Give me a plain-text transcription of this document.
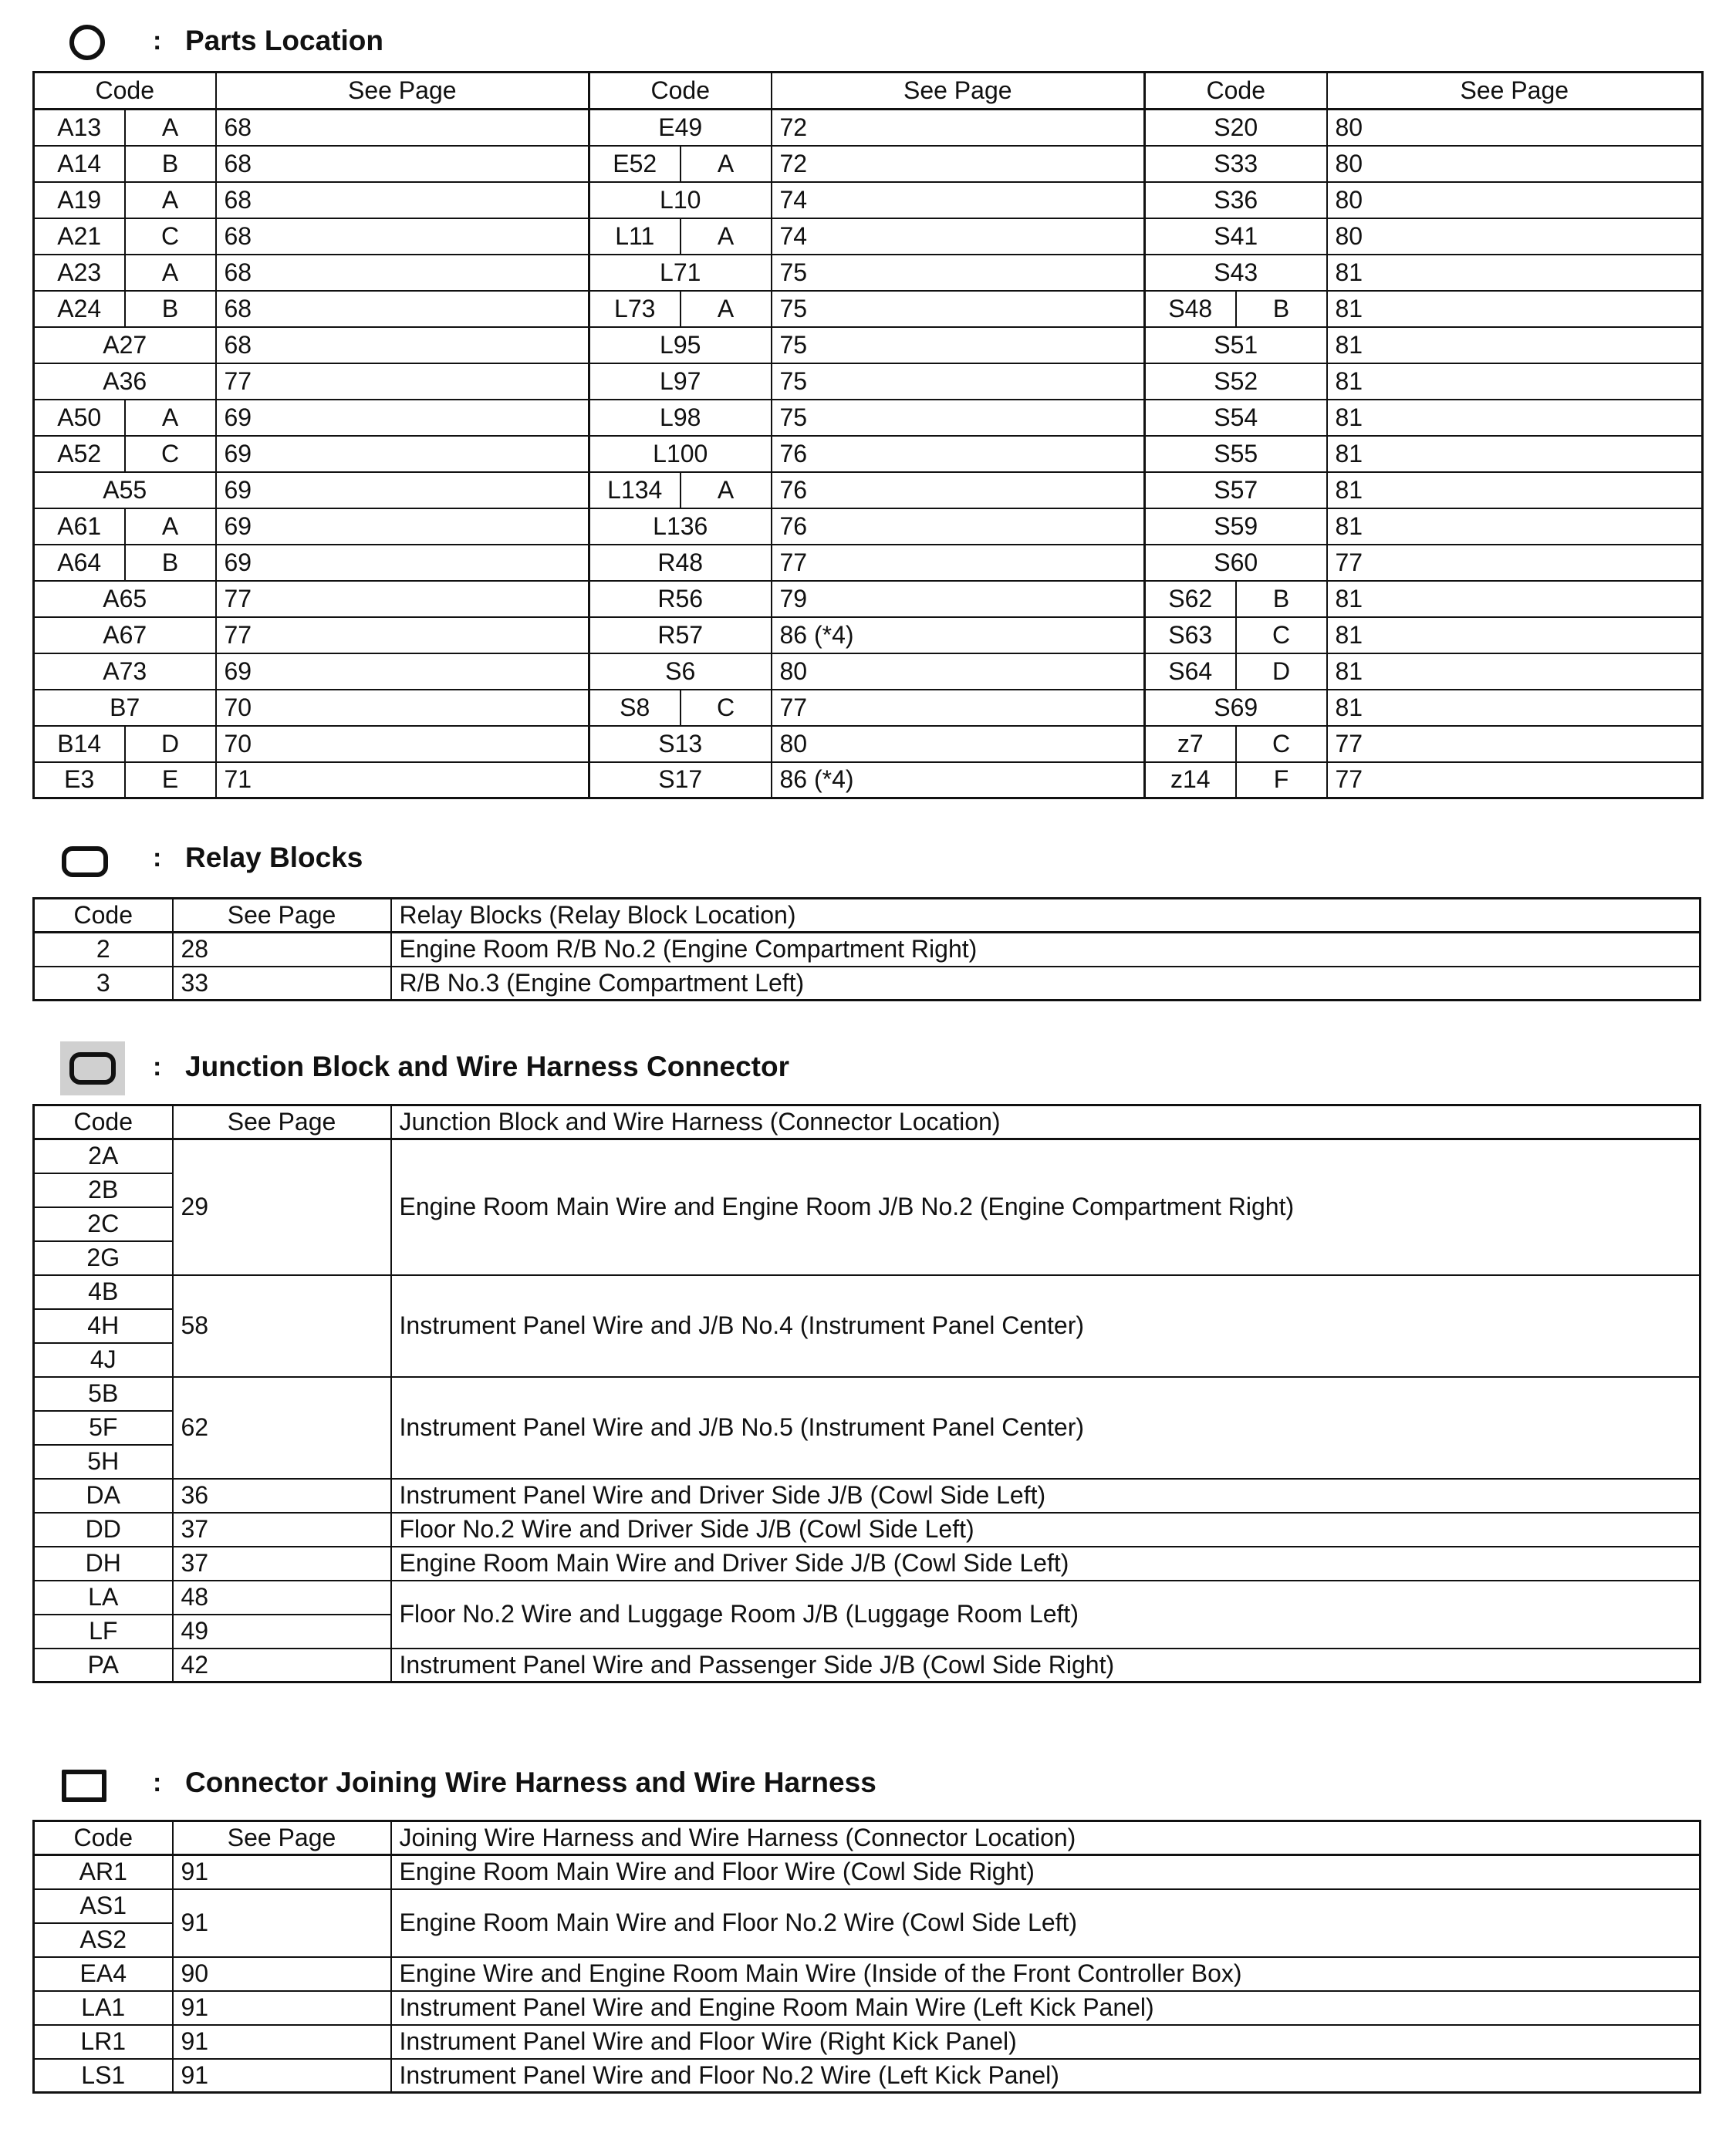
: Parts Location
Code		See Page	Code		See Page	Code		See Page
A13	A	68	E49		72	S20		80
A14	B	68	E52	A	72	S33		80
A19	A	68	L10		74	S36		80
A21	C	68	L11	A	74	S41		80
A23	A	68	L71		75	S43		81
A24	B	68	L73	A	75	S48	B	81
A27		68	L95		75	S51		81
A36		77	L97		75	S52		81
A50	A	69	L98		75	S54		81
A52	C	69	L100		76	S55		81
A55		69	L134	A	76	S57		81
A61	A	69	L136		76	S59		81
A64	B	69	R48		77	S60		77
A65		77	R56		79	S62	B	81
A67		77	R57		86 (*4)	S63	C	81
A73		69	S6		80	S64	D	81
B7		70	S8	C	77	S69		81
B14	D	70	S13		80	z7	C	77
E3	E	71	S17		86 (*4)	z14	F	77
: Relay Blocks
Code	See Page	Relay Blocks (Relay Block Location)
2	28	Engine Room R/B No.2 (Engine Compartment Right)
3	33	R/B No.3 (Engine Compartment Left)
: Junction Block and Wire Harness Connector
Code	See Page	Junction Block and Wire Harness (Connector Location)
2A	29	Engine Room Main Wire and Engine Room J/B No.2 (Engine Compartment Right)
2B		
2C		
2G		
4B	58	Instrument Panel Wire and J/B No.4 (Instrument Panel Center)
4H		
4J		
5B	62	Instrument Panel Wire and J/B No.5 (Instrument Panel Center)
5F		
5H		
DA	36	Instrument Panel Wire and Driver Side J/B (Cowl Side Left)
DD	37	Floor No.2 Wire and Driver Side J/B (Cowl Side Left)
DH	37	Engine Room Main Wire and Driver Side J/B (Cowl Side Left)
LA	48	Floor No.2 Wire and Luggage Room J/B (Luggage Room Left)
LF	49	
PA	42	Instrument Panel Wire and Passenger Side J/B (Cowl Side Right)
: Connector Joining Wire Harness and Wire Harness
Code	See Page	Joining Wire Harness and Wire Harness (Connector Location)
AR1	91	Engine Room Main Wire and Floor Wire (Cowl Side Right)
AS1	91	Engine Room Main Wire and Floor No.2 Wire (Cowl Side Left)
AS2		
EA4	90	Engine Wire and Engine Room Main Wire (Inside of the Front Controller Box)
LA1	91	Instrument Panel Wire and Engine Room Main Wire (Left Kick Panel)
LR1	91	Instrument Panel Wire and Floor Wire (Right Kick Panel)
LS1	91	Instrument Panel Wire and Floor No.2 Wire (Left Kick Panel)
